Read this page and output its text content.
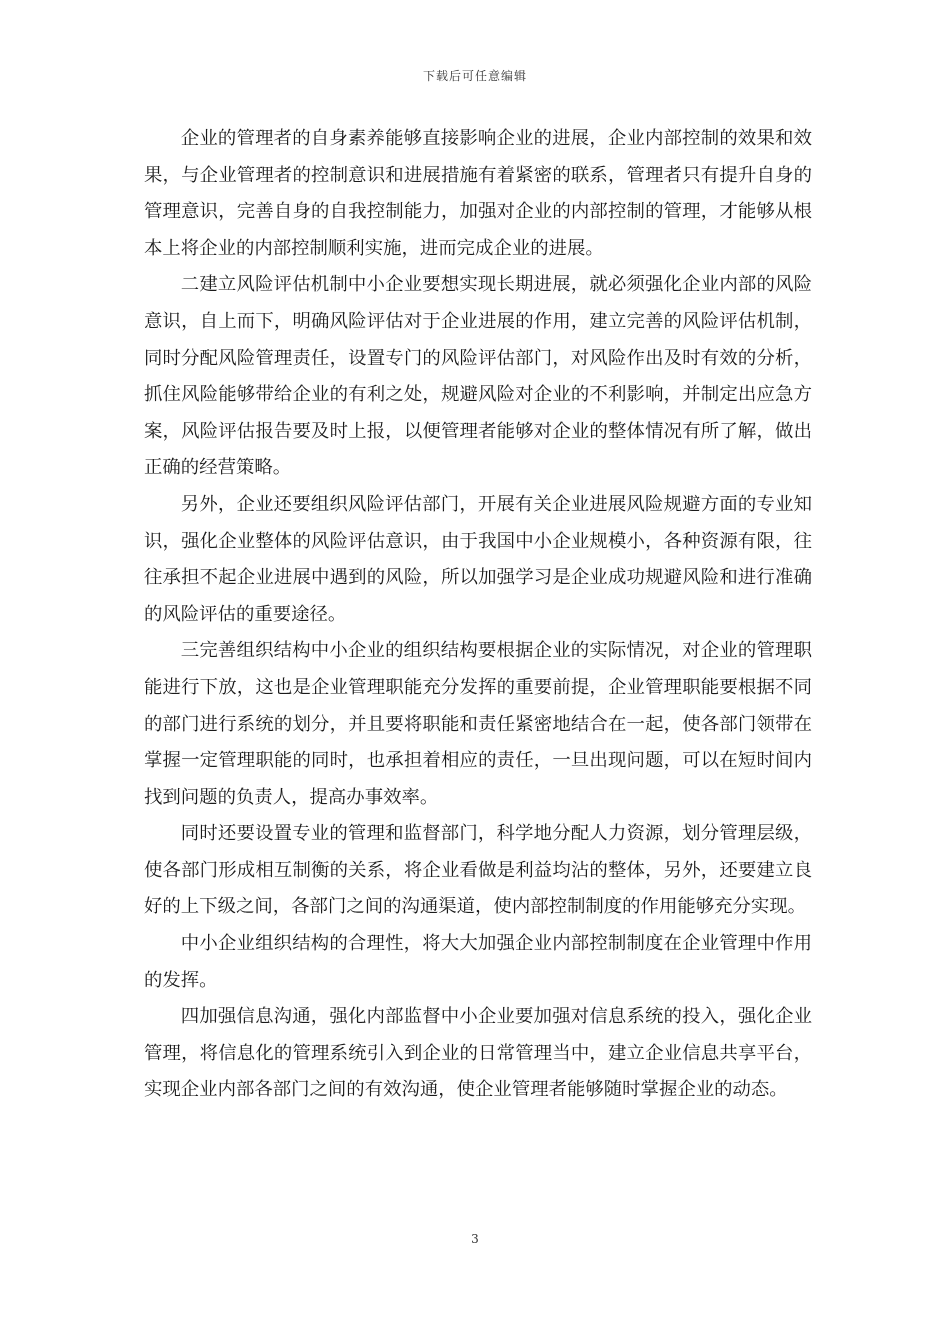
下载后可任意编辑

企业的管理者的自身素养能够直接影响企业的进展，企业内部控制的效果和效果，与企业管理者的控制意识和进展措施有着紧密的联系，管理者只有提升自身的管理意识，完善自身的自我控制能力，加强对企业的内部控制的管理，才能够从根本上将企业的内部控制顺利实施，进而完成企业的进展。

二建立风险评估机制中小企业要想实现长期进展，就必须强化企业内部的风险意识，自上而下，明确风险评估对于企业进展的作用，建立完善的风险评估机制，同时分配风险管理责任，设置专门的风险评估部门，对风险作出及时有效的分析，抓住风险能够带给企业的有利之处，规避风险对企业的不利影响，并制定出应急方案，风险评估报告要及时上报，以便管理者能够对企业的整体情况有所了解，做出正确的经营策略。

另外，企业还要组织风险评估部门，开展有关企业进展风险规避方面的专业知识，强化企业整体的风险评估意识，由于我国中小企业规模小，各种资源有限，往往承担不起企业进展中遇到的风险，所以加强学习是企业成功规避风险和进行准确的风险评估的重要途径。

三完善组织结构中小企业的组织结构要根据企业的实际情况，对企业的管理职能进行下放，这也是企业管理职能充分发挥的重要前提，企业管理职能要根据不同的部门进行系统的划分，并且要将职能和责任紧密地结合在一起，使各部门领带在掌握一定管理职能的同时，也承担着相应的责任，一旦出现问题，可以在短时间内找到问题的负责人，提高办事效率。

同时还要设置专业的管理和监督部门，科学地分配人力资源，划分管理层级，使各部门形成相互制衡的关系，将企业看做是利益均沾的整体，另外，还要建立良好的上下级之间，各部门之间的沟通渠道，使内部控制制度的作用能够充分实现。

中小企业组织结构的合理性，将大大加强企业内部控制制度在企业管理中作用的发挥。

四加强信息沟通，强化内部监督中小企业要加强对信息系统的投入，强化企业管理，将信息化的管理系统引入到企业的日常管理当中，建立企业信息共享平台，实现企业内部各部门之间的有效沟通，使企业管理者能够随时掌握企业的动态。

3
